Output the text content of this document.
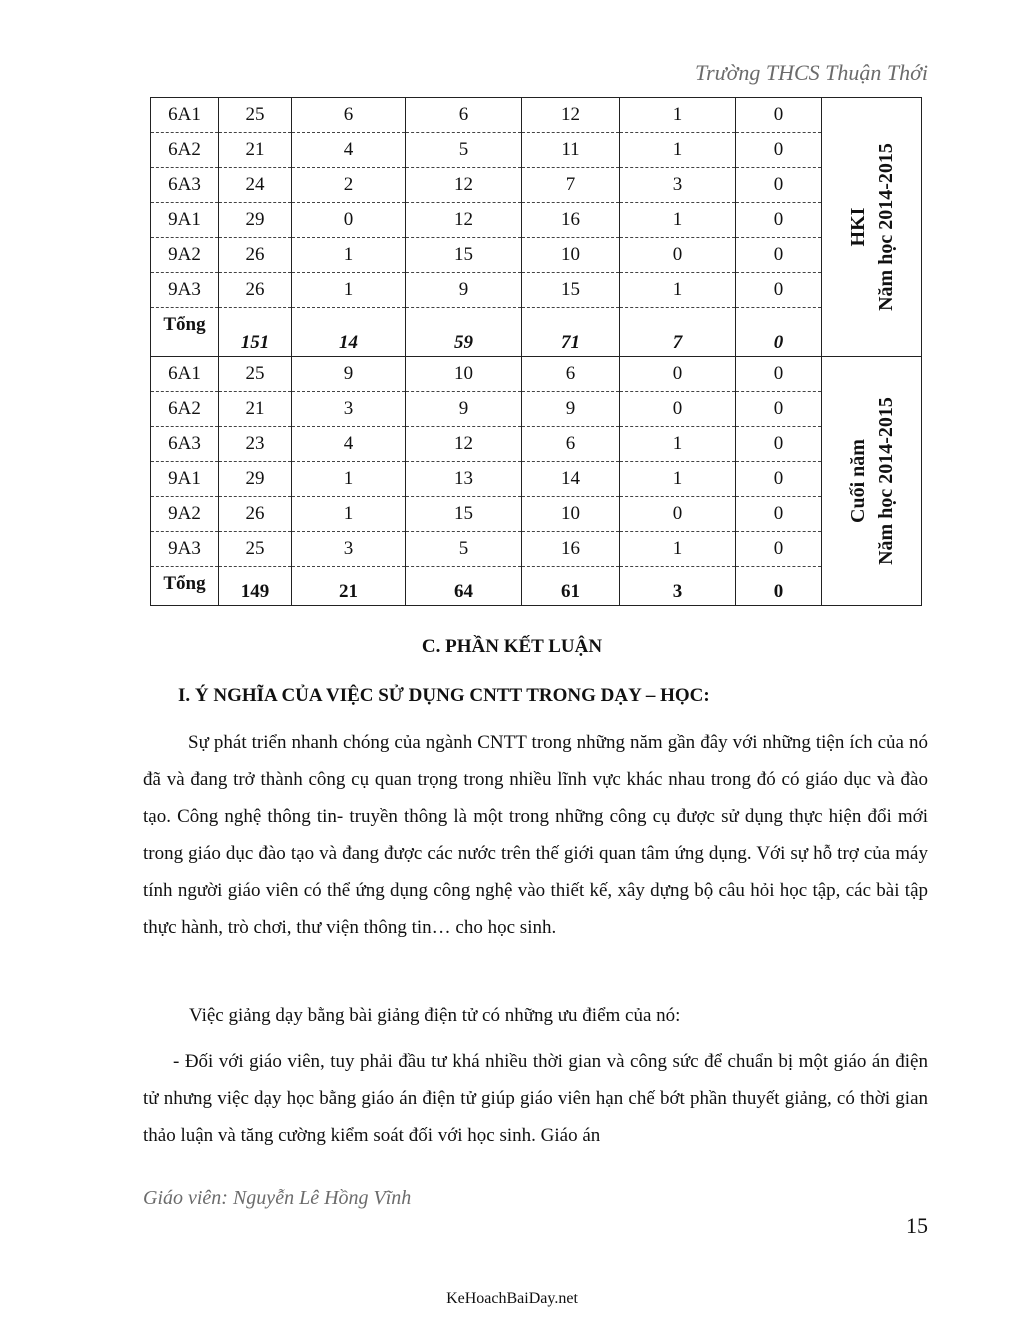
Trường THCS Thuận Thới
6A1	25	6	6	12	1	0	HKI Năm học 2014-2015

6A2	21	4	5	11	1	0	
6A3	24	2	12	7	3	0	
9A1	29	0	12	16	1	0	
9A2	26	1	15	10	0	0	
9A3	26	1	9	15	1	0	
Tổng	151	14	59	71	7	0	
6A1	25	9	10	6	0	0	Cuối năm Năm học 2014-2015

6A2	21	3	9	9	0	0	
6A3	23	4	12	6	1	0	
9A1	29	1	13	14	1	0	
9A2	26	1	15	10	0	0	
9A3	25	3	5	16	1	0	
Tổng	149	21	64	61	3	0	
C. PHẦN KẾT LUẬN
I. Ý NGHĨA CỦA VIỆC SỬ DỤNG CNTT TRONG DẠY – HỌC:

Sự phát triển nhanh chóng của ngành CNTT trong những năm gần đây với những tiện ích của nó đã và đang trở thành công cụ quan trọng trong nhiều lĩnh vực khác nhau trong đó có giáo dục và đào tạo. Công nghệ thông tin- truyền thông là một trong những công cụ được sử dụng thực hiện đổi mới trong giáo dục đào tạo và đang được các nước trên thế giới quan tâm ứng dụng. Với sự hỗ trợ của máy tính người giáo viên có thể ứng dụng công nghệ vào thiết kế, xây dựng bộ câu hỏi học tập, các bài tập thực hành, trò chơi, thư viện thông tin… cho học sinh.

Việc giảng dạy bằng bài giảng điện tử có những ưu điểm của nó:

- Đối với giáo viên, tuy phải đầu tư khá nhiều thời gian và công sức để chuẩn bị một giáo án điện tử nhưng việc dạy học bằng giáo án điện tử giúp giáo viên hạn chế bớt phần thuyết giảng, có thời gian thảo luận và tăng cường kiểm soát đối với học sinh. Giáo án

Giáo viên: Nguyễn Lê Hồng Vĩnh
15
KeHoachBaiDay.net
